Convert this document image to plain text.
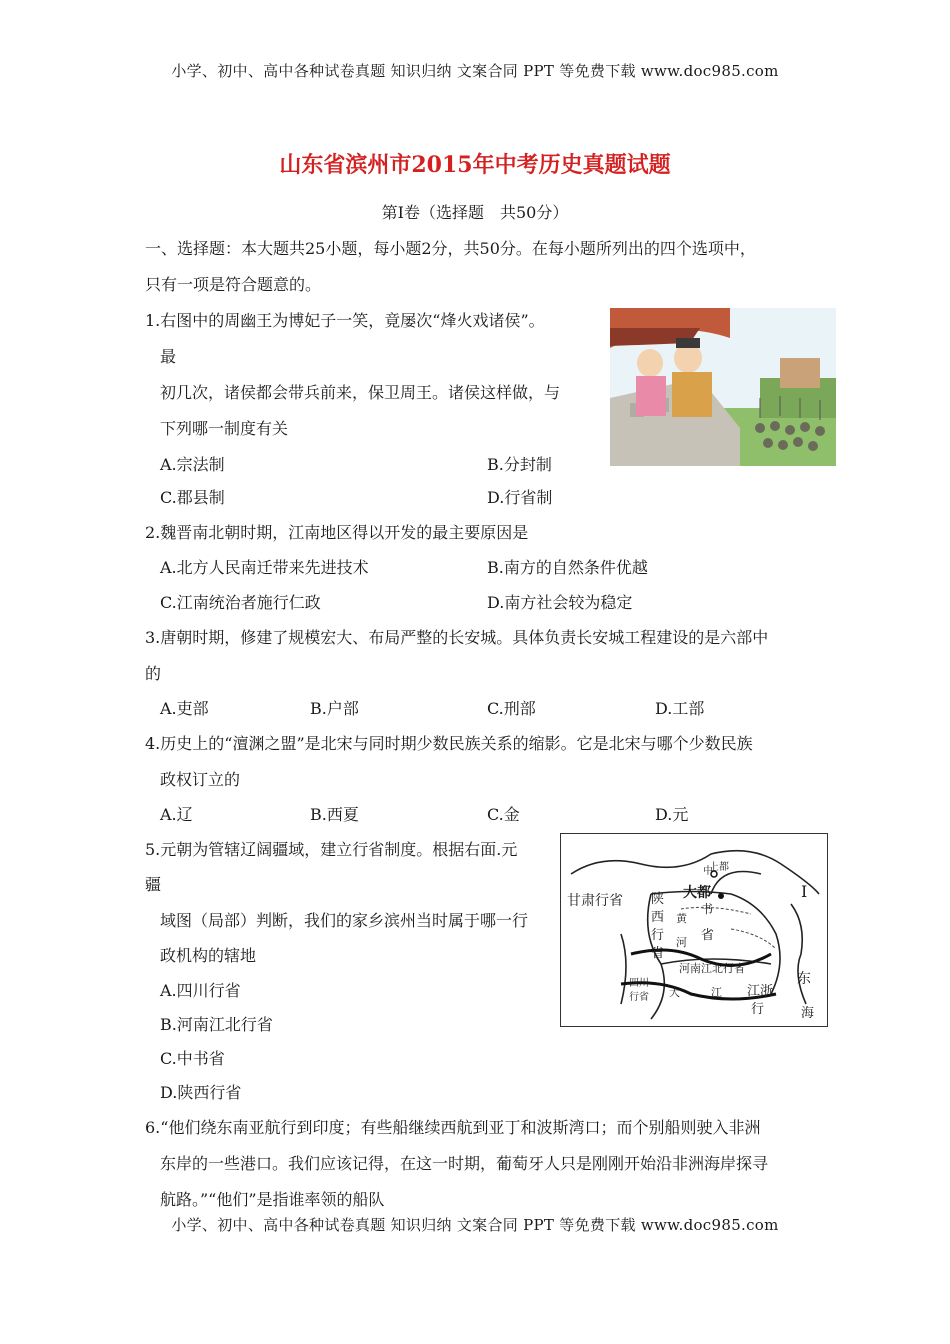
小学、初中、高中各种试卷真题 知识归纳 文案合同 PPT 等免费下载 www.doc985.com
山东省滨州市2015年中考历史真题试题
第Ⅰ卷（选择题　共50分）
一、选择题：本大题共25小题，每小题2分，共50分。在每小题所列出的四个选项中，
只有一项是符合题意的。
1.右图中的周幽王为博妃子一笑，竟屡次“烽火戏诸侯”。
最
初几次，诸侯都会带兵前来，保卫周王。诸侯这样做，与
下列哪一制度有关
A.宗法制	B.分封制
C.郡县制	D.行省制
2.魏晋南北朝时期，江南地区得以开发的最主要原因是
A.北方人民南迁带来先进技术	B.南方的自然条件优越
C.江南统治者施行仁政	D.南方社会较为稳定
3.唐朝时期，修建了规模宏大、布局严整的长安城。具体负责长安城工程建设的是六部中
的
A.吏部	B.户部	C.刑部	D.工部
4.历史上的“澶渊之盟”是北宋与同时期少数民族关系的缩影。它是北宋与哪个少数民族
政权订立的
A.辽	B.西夏	C.金	D.元
5.元朝为管辖辽阔疆域，建立行省制度。根据右面.元
疆
域图（局部）判断，我们的家乡滨州当时属于哪一行
政机构的辖地
A.四川行省
B.河南江北行省
C.中书省
D.陕西行省
甘肃行省 陕
西
行
省
中
上都
大都
书
省
黄
河
河南江北行省
四川
行省 大	江 江浙
行
东
海
Ⅰ
6.“他们绕东南亚航行到印度；有些船继续西航到亚丁和波斯湾口；而个别船则驶入非洲
东岸的一些港口。我们应该记得，在这一时期，葡萄牙人只是刚刚开始沿非洲海岸探寻
航路。”“他们”是指谁率领的船队
小学、初中、高中各种试卷真题 知识归纳 文案合同 PPT 等免费下载 www.doc985.com
